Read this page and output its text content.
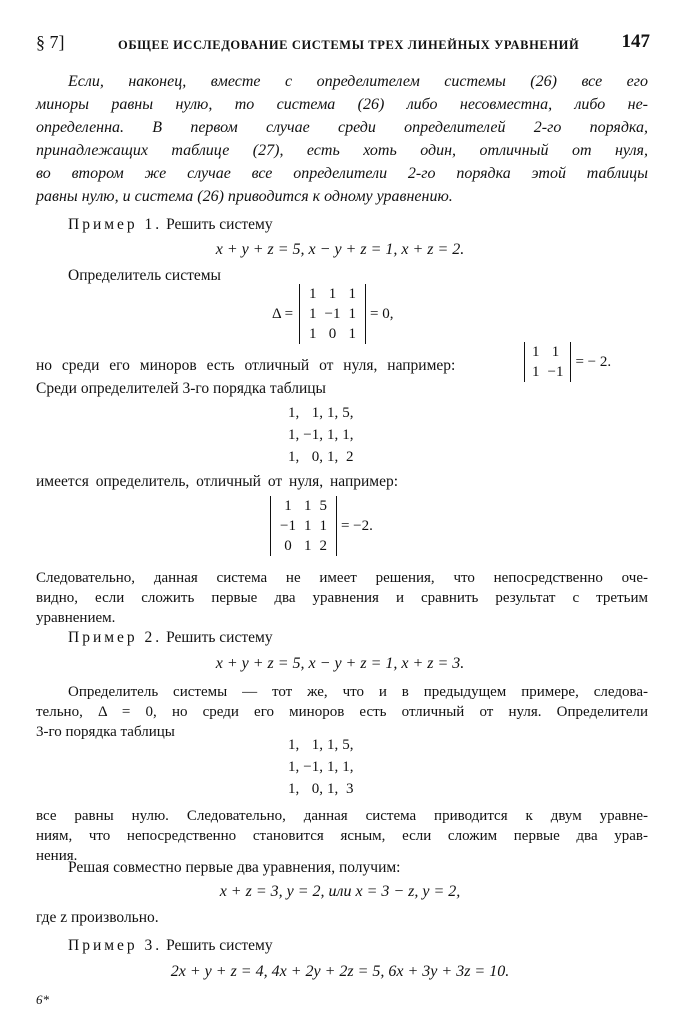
§ 7]	ОБЩЕЕ ИССЛЕДОВАНИЕ СИСТЕМЫ ТРЕХ ЛИНЕЙНЫХ УРАВНЕНИЙ 147
Если, наконец, вместе с определителем системы (26) все его
миноры равны нулю, то система (26) либо несовместна, либо не-
определенна. В первом случае среди определителей 2-го порядка,
принадлежащих таблице (27), есть хоть один, отличный от нуля,
во втором же случае все определители 2-го порядка этой таблицы
равны нулю, и система (26) приводится к одному уравнению.
Пример 1. Решить систему
x + y + z = 5, x − y + z = 1, x + z = 2.
Определитель системы
Δ =
1	1	1
1	−1	1
1	0	1
= 0,
но среди его миноров есть отличный от нуля, например:
1	1
1	−1
= − 2.
Среди определителей 3-го порядка таблицы
1,	1,	1,	5,
1,	−1,	1,	1,
1,	0,	1,	2
имеется определитель, отличный от нуля, например:
1	1	5
−1	1	1
0	1	2
= −2.
Следовательно, данная система не имеет решения, что непосредственно оче-
видно, если сложить первые два уравнения и сравнить результат с третьим
уравнением.
Пример 2. Решить систему
x + y + z = 5, x − y + z = 1, x + z = 3.
Определитель системы — тот же, что и в предыдущем примере, следова-
тельно, Δ = 0, но среди его миноров есть отличный от нуля. Определители
3-го порядка таблицы
1,	1,	1,	5,
1,	−1,	1,	1,
1,	0,	1,	3
все равны нулю. Следовательно, данная система приводится к двум уравне-
ниям, что непосредственно становится ясным, если сложим первые два урав-
нения.
Решая совместно первые два уравнения, получим:
x + z = 3, y = 2, или x = 3 − z, y = 2,
где z произвольно.
Пример 3. Решить систему
2x + y + z = 4, 4x + 2y + 2z = 5, 6x + 3y + 3z = 10.
6*
